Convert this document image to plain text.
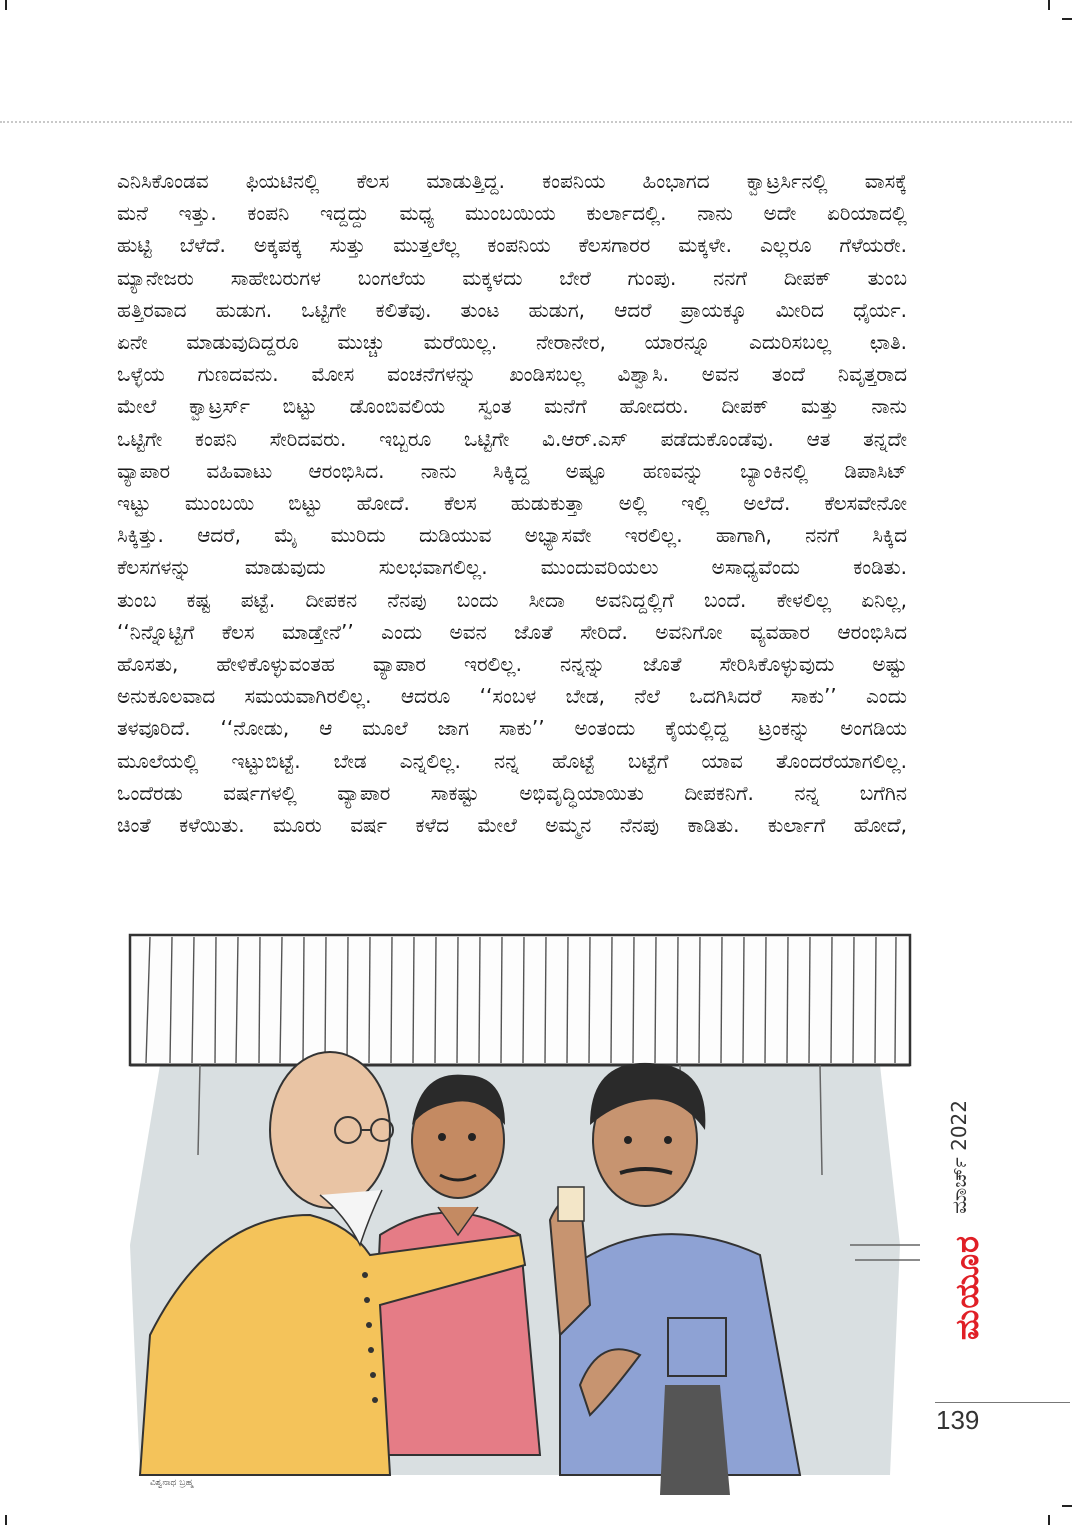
ಎನಿಸಿಕೊಂಡವ ಫಿಯಟಿನಲ್ಲಿ ಕೆಲಸ ಮಾಡುತ್ತಿದ್ದ. ಕಂಪನಿಯ ಹಿಂಭಾಗದ ಕ್ವಾಟ್ರರ್ಸಿನಲ್ಲಿ ವಾಸಕ್ಕೆ
ಮನೆ ಇತ್ತು. ಕಂಪನಿ ಇದ್ದದ್ದು ಮಧ್ಯ ಮುಂಬಯಿಯ ಕುರ್ಲಾದಲ್ಲಿ. ನಾನು ಅದೇ ಏರಿಯಾದಲ್ಲಿ
ಹುಟ್ಟಿ ಬೆಳೆದೆ. ಅಕ್ಕಪಕ್ಕ ಸುತ್ತು ಮುತ್ತಲೆಲ್ಲ ಕಂಪನಿಯ ಕೆಲಸಗಾರರ ಮಕ್ಕಳೇ. ಎಲ್ಲರೂ ಗೆಳೆಯರೇ.
ಮ್ಯಾನೇಜರು ಸಾಹೇಬರುಗಳ ಬಂಗಲೆಯ ಮಕ್ಕಳದು ಬೇರೆ ಗುಂಪು. ನನಗೆ ದೀಪಕ್ ತುಂಬ
ಹತ್ತಿರವಾದ ಹುಡುಗ. ಒಟ್ಟಿಗೇ ಕಲಿತೆವು. ತುಂಟ ಹುಡುಗ, ಆದರೆ ಪ್ರಾಯಕ್ಕೂ ಮೀರಿದ ಧೈರ್ಯ.
ಏನೇ ಮಾಡುವುದಿದ್ದರೂ ಮುಚ್ಚು ಮರೆಯಿಲ್ಲ. ನೇರಾನೇರ, ಯಾರನ್ನೂ ಎದುರಿಸಬಲ್ಲ ಛಾತಿ.
ಒಳ್ಳೆಯ ಗುಣದವನು. ಮೋಸ ವಂಚನೆಗಳನ್ನು ಖಂಡಿಸಬಲ್ಲ ವಿಶ್ವಾಸಿ. ಅವನ ತಂದೆ ನಿವೃತ್ತರಾದ
ಮೇಲೆ ಕ್ವಾಟ್ರರ್ಸ್ ಬಿಟ್ಟು ಡೊಂಬಿವಲಿಯ ಸ್ವಂತ ಮನೆಗೆ ಹೋದರು. ದೀಪಕ್ ಮತ್ತು ನಾನು
ಒಟ್ಟಿಗೇ ಕಂಪನಿ ಸೇರಿದವರು. ಇಬ್ಬರೂ ಒಟ್ಟಿಗೇ ವಿ.ಆರ್.ಎಸ್ ಪಡೆದುಕೊಂಡೆವು. ಆತ ತನ್ನದೇ
ವ್ಯಾಪಾರ ವಹಿವಾಟು ಆರಂಭಿಸಿದ. ನಾನು ಸಿಕ್ಕಿದ್ದ ಅಷ್ಟೂ ಹಣವನ್ನು ಬ್ಯಾಂಕಿನಲ್ಲಿ ಡಿಪಾಸಿಟ್
ಇಟ್ಟು ಮುಂಬಯಿ ಬಿಟ್ಟು ಹೋದೆ. ಕೆಲಸ ಹುಡುಕುತ್ತಾ ಅಲ್ಲಿ ಇಲ್ಲಿ ಅಲೆದೆ. ಕೆಲಸವೇನೋ
ಸಿಕ್ಕಿತ್ತು. ಆದರೆ, ಮೈ ಮುರಿದು ದುಡಿಯುವ ಅಭ್ಯಾಸವೇ ಇರಲಿಲ್ಲ. ಹಾಗಾಗಿ, ನನಗೆ ಸಿಕ್ಕಿದ
ಕೆಲಸಗಳನ್ನು ಮಾಡುವುದು ಸುಲಭವಾಗಲಿಲ್ಲ. ಮುಂದುವರಿಯಲು ಅಸಾಧ್ಯವೆಂದು ಕಂಡಿತು.
ತುಂಬ ಕಷ್ಟ ಪಟ್ಟೆ. ದೀಪಕನ ನೆನಪು ಬಂದು ಸೀದಾ ಅವನಿದ್ದಲ್ಲಿಗೆ ಬಂದೆ. ಕೇಳಲಿಲ್ಲ ಏನಿಲ್ಲ,
‘‘ನಿನ್ನೊಟ್ಟಿಗೆ ಕೆಲಸ ಮಾಡ್ತೇನೆ’’ ಎಂದು ಅವನ ಜೊತೆ ಸೇರಿದೆ. ಅವನಿಗೋ ವ್ಯವಹಾರ ಆರಂಭಿಸಿದ
ಹೊಸತು, ಹೇಳಿಕೊಳ್ಳುವಂತಹ ವ್ಯಾಪಾರ ಇರಲಿಲ್ಲ. ನನ್ನನ್ನು ಜೊತೆ ಸೇರಿಸಿಕೊಳ್ಳುವುದು ಅಷ್ಟು
ಅನುಕೂಲವಾದ ಸಮಯವಾಗಿರಲಿಲ್ಲ. ಆದರೂ ‘‘ಸಂಬಳ ಬೇಡ, ನೆಲೆ ಒದಗಿಸಿದರೆ ಸಾಕು’’ ಎಂದು
ತಳವೂರಿದೆ. ‘‘ನೋಡು, ಆ ಮೂಲೆ ಜಾಗ ಸಾಕು’’ ಅಂತಂದು ಕೈಯಲ್ಲಿದ್ದ ಟ್ರಂಕನ್ನು ಅಂಗಡಿಯ
ಮೂಲೆಯಲ್ಲಿ ಇಟ್ಟುಬಿಟ್ಟೆ. ಬೇಡ ಎನ್ನಲಿಲ್ಲ. ನನ್ನ ಹೊಟ್ಟೆ ಬಟ್ಟೆಗೆ ಯಾವ ತೊಂದರೆಯಾಗಲಿಲ್ಲ.
ಒಂದೆರಡು ವರ್ಷಗಳಲ್ಲಿ ವ್ಯಾಪಾರ ಸಾಕಷ್ಟು ಅಭಿವೃದ್ಧಿಯಾಯಿತು ದೀಪಕನಿಗೆ. ನನ್ನ ಬಗೆಗಿನ
ಚಿಂತೆ ಕಳೆಯಿತು. ಮೂರು ವರ್ಷ ಕಳೆದ ಮೇಲೆ ಅಮ್ಮನ ನೆನಪು ಕಾಡಿತು. ಕುರ್ಲಾಗೆ ಹೋದೆ,
ವಿಶ್ವನಾಥ ಬ್ರಹ್ಮ
ಮಾರ್ಚ್ 2022
ಮಯೂರ
139
